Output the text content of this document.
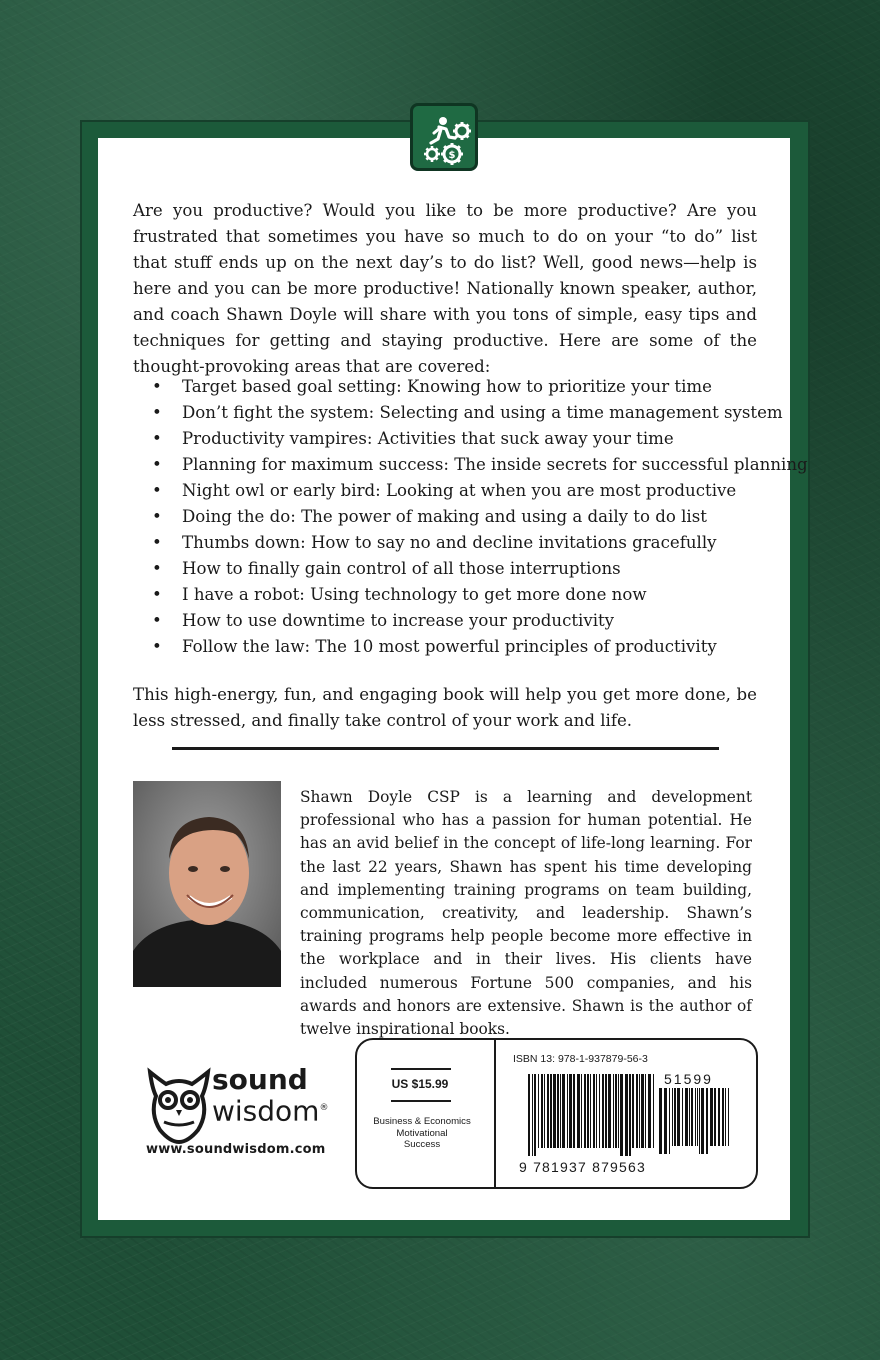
$

Are you productive? Would you like to be more productive? Are you frustrated that sometimes you have so much to do on your “to do” list that stuff ends up on the next day’s to do list? Well, good news—help is here and you can be more productive! Nationally known speaker, author, and coach Shawn Doyle will share with you tons of simple, easy tips and techniques for getting and staying productive. Here are some of the thought-provoking areas that are covered:

• Target based goal setting: Knowing how to prioritize your time
• Don’t fight the system: Selecting and using a time management system
• Productivity vampires: Activities that suck away your time
• Planning for maximum success: The inside secrets for successful planning
• Night owl or early bird: Looking at when you are most productive
• Doing the do: The power of making and using a daily to do list
• Thumbs down: How to say no and decline invitations gracefully
• How to finally gain control of all those interruptions
• I have a robot: Using technology to get more done now
• How to use downtime to increase your productivity
• Follow the law: The 10 most powerful principles of productivity

This high-energy, fun, and engaging book will help you get more done, be less stressed, and finally take control of your work and life.

Shawn Doyle CSP is a learning and development professional who has a passion for human potential. He has an avid belief in the concept of life-long learning. For the last 22 years, Shawn has spent his time developing and implementing training programs on team building, communication, creativity, and leadership. Shawn’s training programs help people become more effective in the workplace and in their lives. His clients have included numerous Fortune 500 companies, and his awards and honors are extensive. Shawn is the author of twelve inspirational books.

sound
wisdom®
www.soundwisdom.com
US $15.99
Business & Economics
Motivational
Success
ISBN 13: 978-1-937879-56-3
51599
9 781937 879563
